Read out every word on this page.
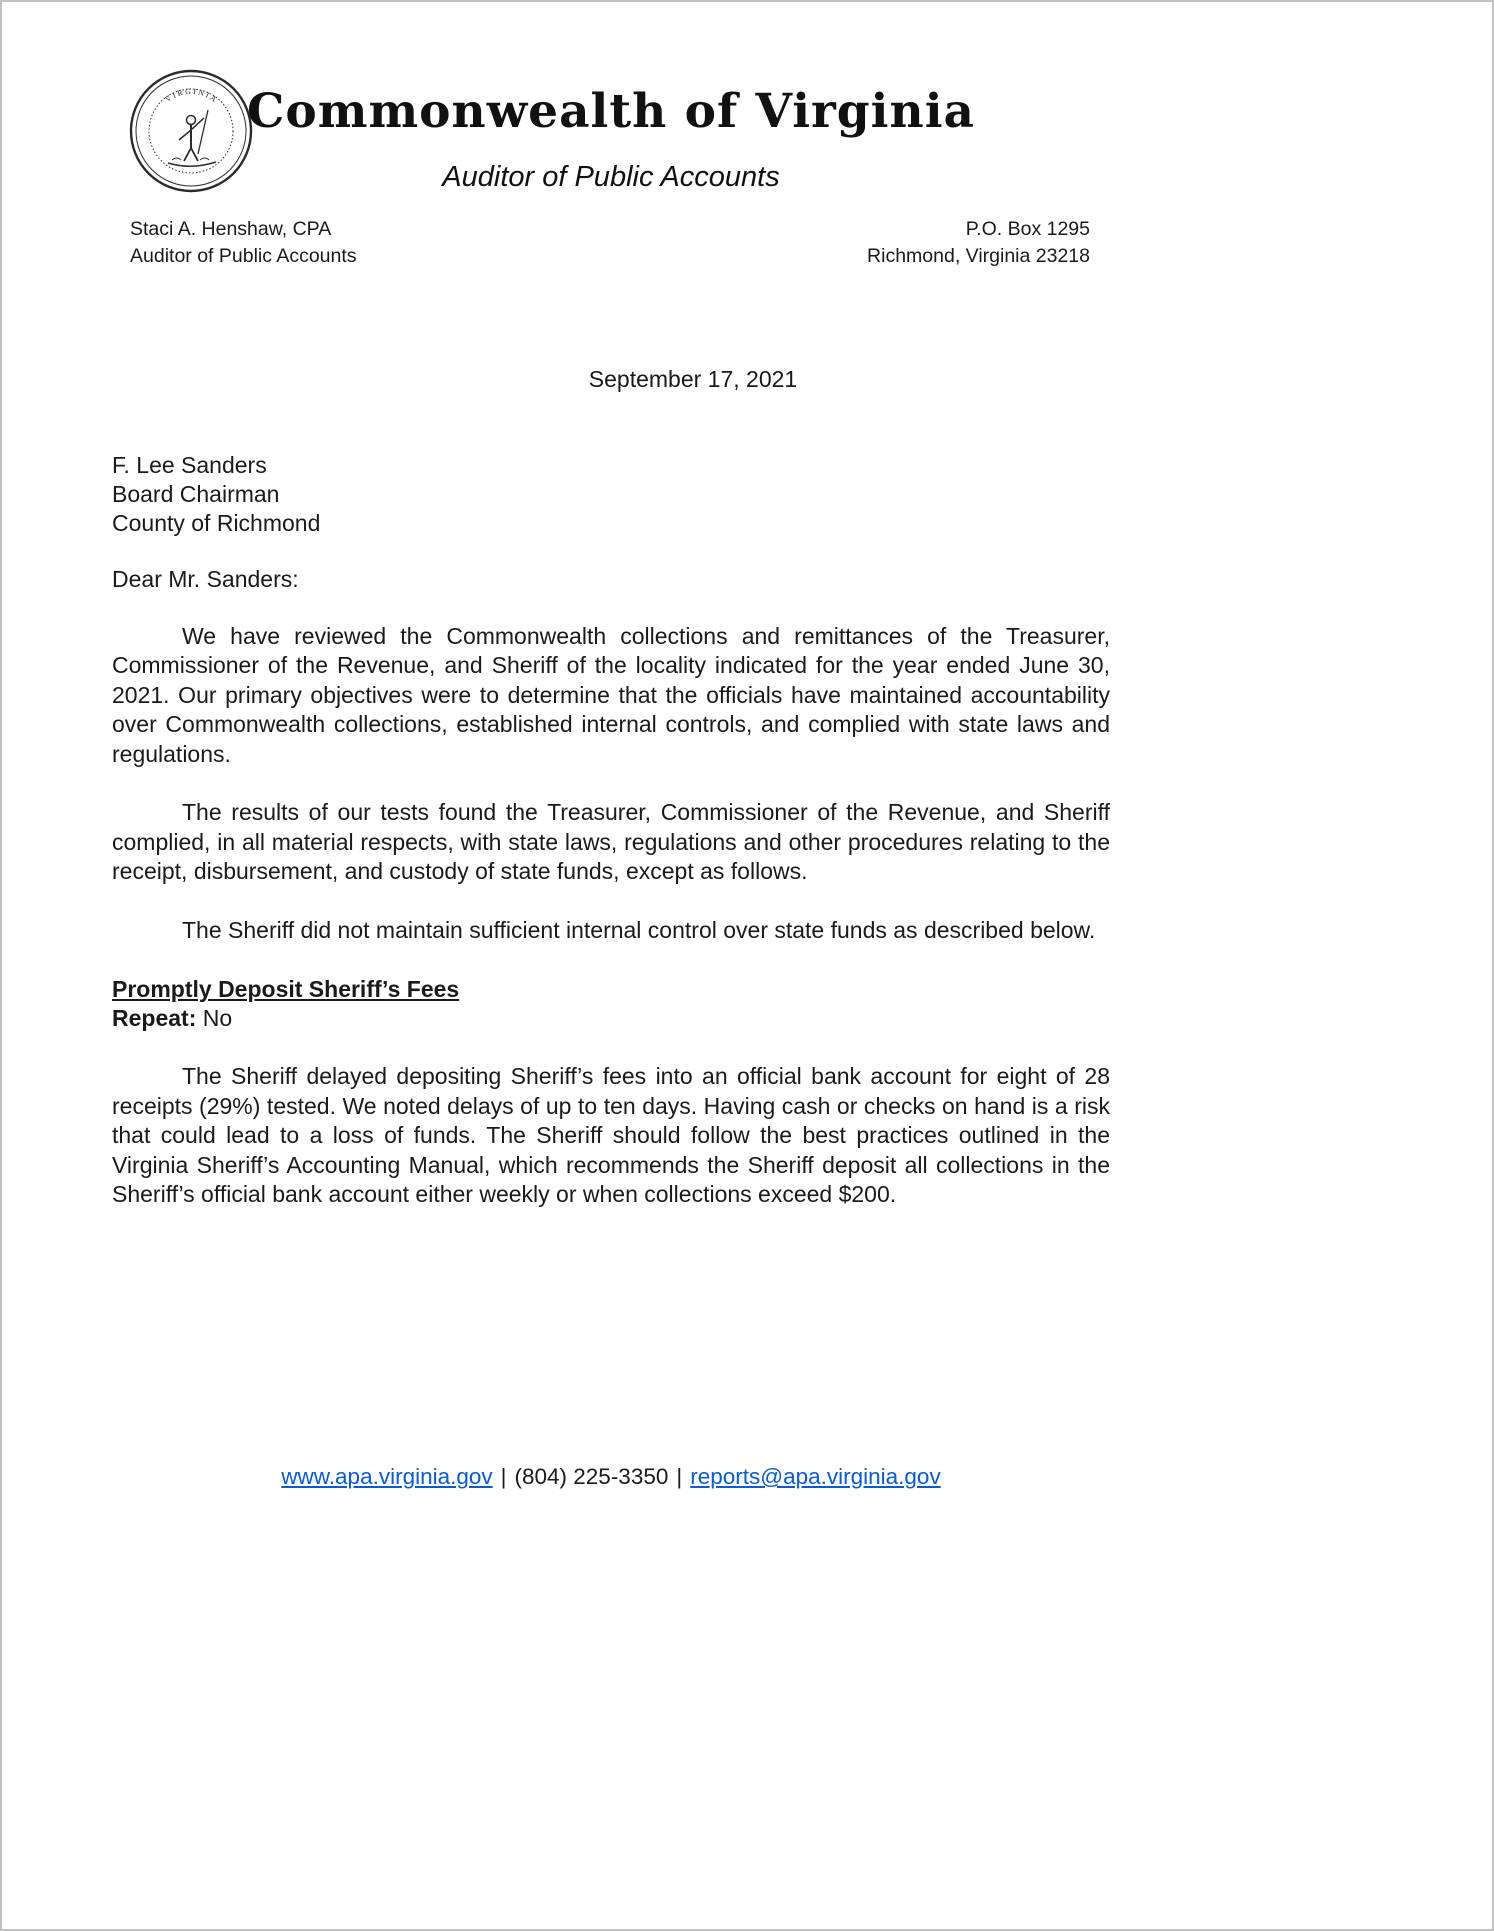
VIRGINIA Commonwealth of Virginia
Auditor of Public Accounts
Staci A. Henshaw, CPA
Auditor of Public Accounts
P.O. Box 1295
Richmond, Virginia 23218
September 17, 2021
F. Lee Sanders
Board Chairman
County of Richmond
Dear Mr. Sanders:

We have reviewed the Commonwealth collections and remittances of the Treasurer, Commissioner of the Revenue, and Sheriff of the locality indicated for the year ended June 30, 2021. Our primary objectives were to determine that the officials have maintained accountability over Commonwealth collections, established internal controls, and complied with state laws and regulations.

The results of our tests found the Treasurer, Commissioner of the Revenue, and Sheriff complied, in all material respects, with state laws, regulations and other procedures relating to the receipt, disbursement, and custody of state funds, except as follows.

The Sheriff did not maintain sufficient internal control over state funds as described below.

Promptly Deposit Sheriff’s Fees
Repeat: No

The Sheriff delayed depositing Sheriff’s fees into an official bank account for eight of 28 receipts (29%) tested. We noted delays of up to ten days. Having cash or checks on hand is a risk that could lead to a loss of funds. The Sheriff should follow the best practices outlined in the Virginia Sheriff’s Accounting Manual, which recommends the Sheriff deposit all collections in the Sheriff’s official bank account either weekly or when collections exceed $200.

www.apa.virginia.gov | (804) 225-3350 | reports@apa.virginia.gov
